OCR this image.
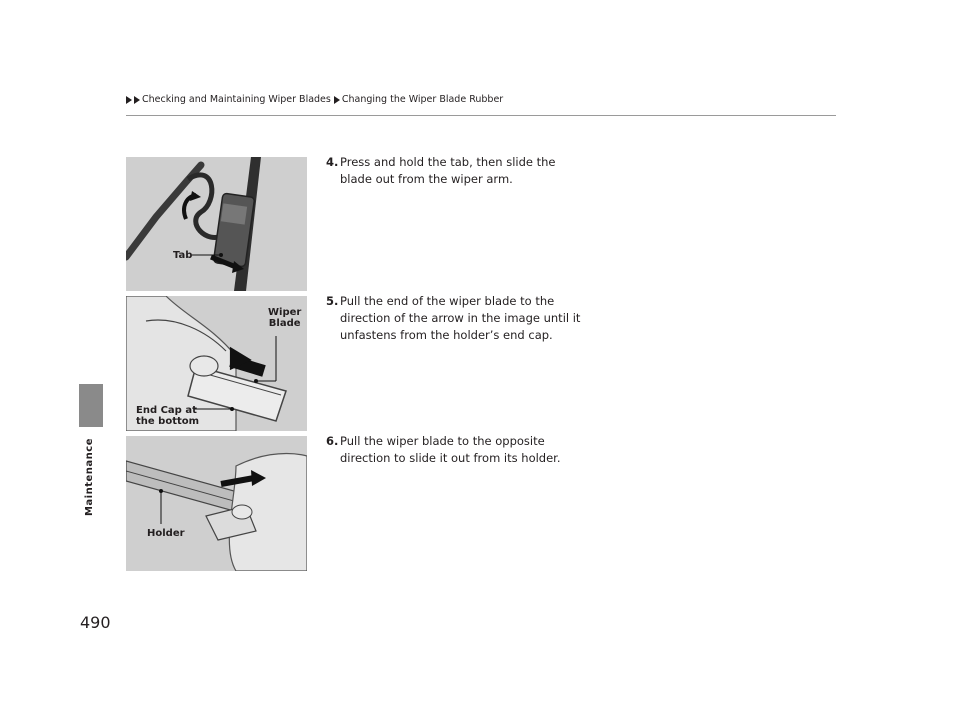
Checking and Maintaining Wiper Blades Changing the Wiper Blade Rubber
Maintenance
490
Tab
Wiper
Blade
End Cap at
the bottom
Holder
4. Press and hold the tab, then slide the blade out from the wiper arm.
5. Pull the end of the wiper blade to the direction of the arrow in the image until it unfastens from the holder’s end cap.
6. Pull the wiper blade to the opposite direction to slide it out from its holder.
